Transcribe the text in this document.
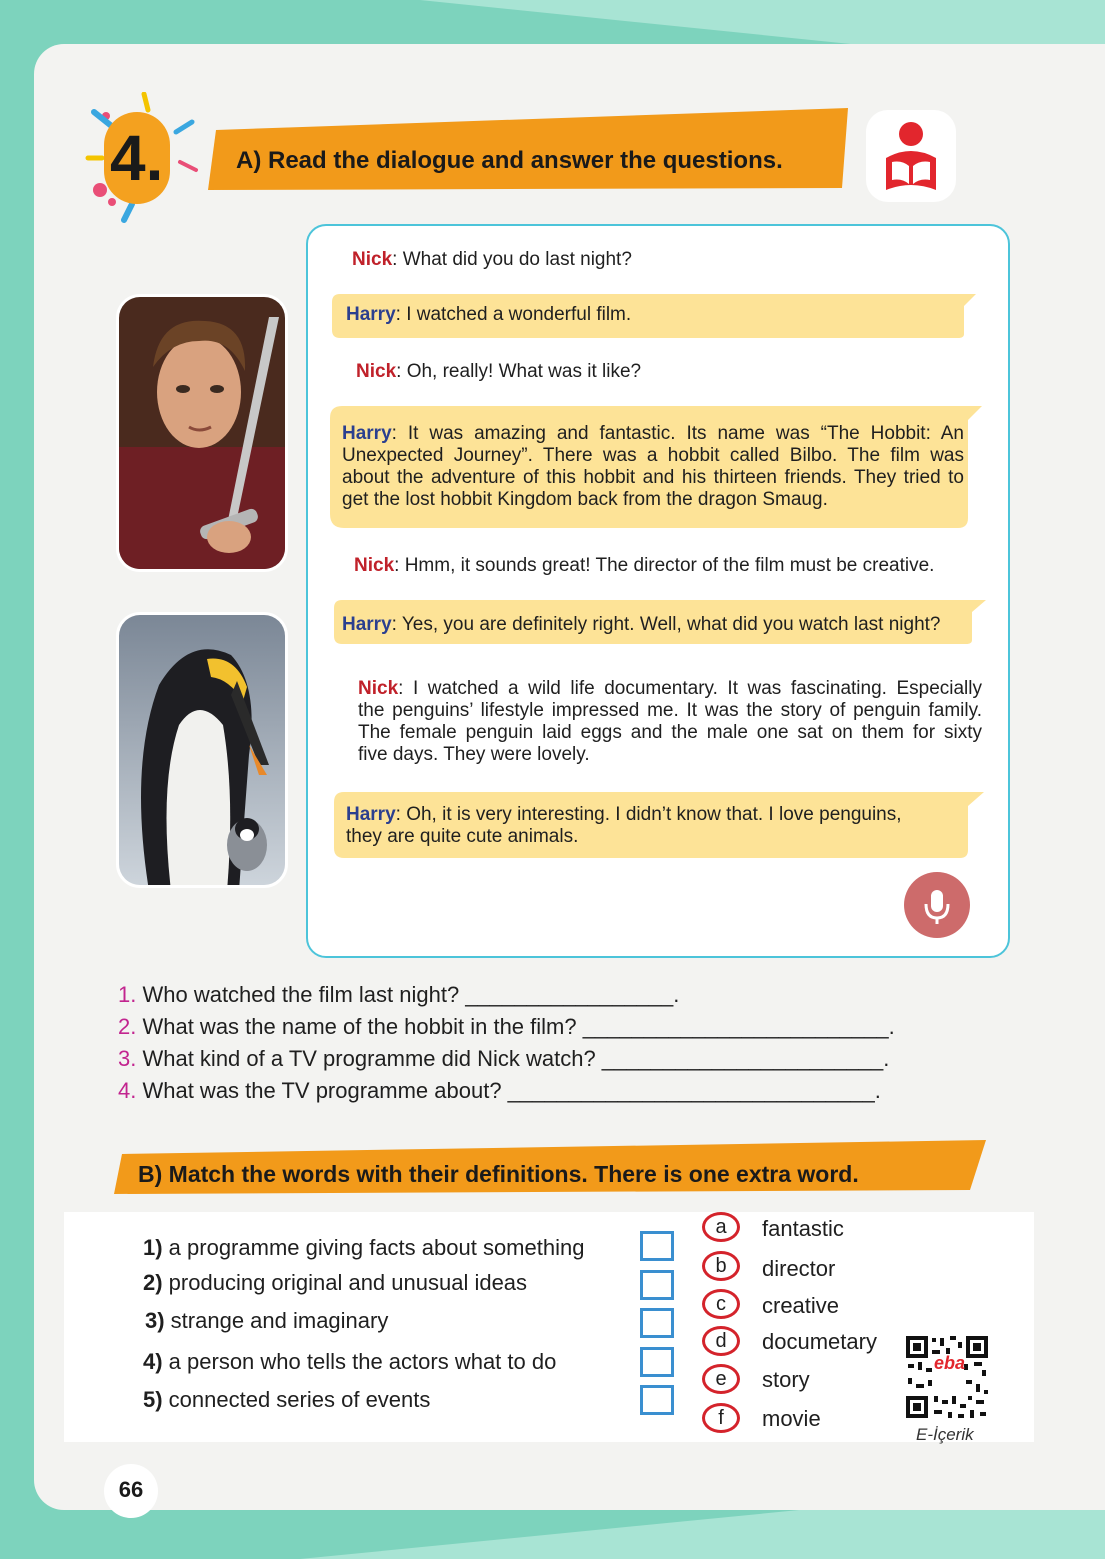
4.	A) Read the dialogue and answer the questions.
Nick: What did you do last night?
Harry: I watched a wonderful film.
Nick: Oh, really! What was it like?
Harry: It was amazing and fantastic. Its name was “The Hobbit: An
Unexpected Journey”. There was a hobbit called Bilbo. The film was
about the adventure of this hobbit and his thirteen friends. They tried to
get the lost hobbit Kingdom back from the dragon Smaug.
Nick: Hmm, it sounds great! The director of the film must be creative.
Harry: Yes, you are definitely right. Well, what did you watch last night?
Nick: I watched a wild life documentary. It was fascinating. Especially
the penguins’ lifestyle impressed me. It was the story of penguin family.
The female penguin laid eggs and the male one sat on them for sixty
five days. They were lovely.
Harry: Oh, it is very interesting. I didn’t know that. I love penguins,
they are quite cute animals.
1. Who watched the film last night? _________________.
2. What was the name of the hobbit in the film? _________________________.
3. What kind of a TV programme did Nick watch? _______________________.
4. What was the TV programme about? ______________________________.
B) Match the words with their definitions. There is one extra word.
1) a programme giving facts about something
2) producing original and unusual ideas
3) strange and imaginary
4) a person who tells the actors what to do
5) connected series of events
a
b
c
d
e
f
fantastic
director
creative
documetary
story
movie
eba
E-İçerik
66
